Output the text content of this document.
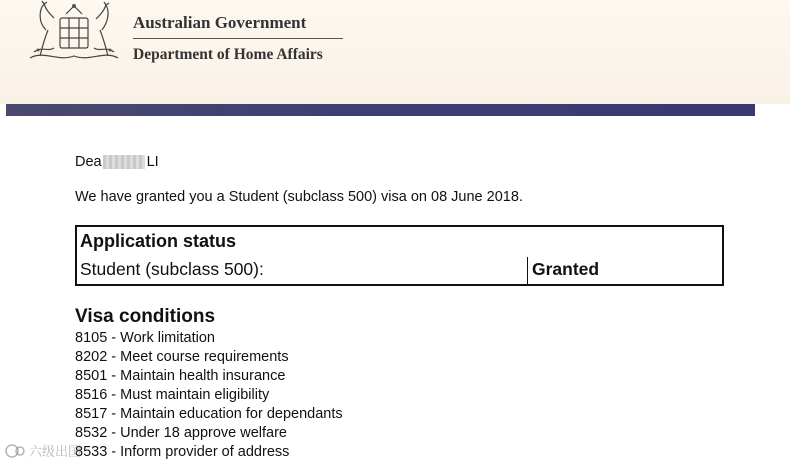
Australian Government
Department of Home Affairs
Dea	LI
We have granted you a Student (subclass 500) visa on 08 June 2018.
Application status
Student (subclass 500):	Granted
Visa conditions
8105 - Work limitation
8202 - Meet course requirements
8501 - Maintain health insurance
8516 - Must maintain eligibility
8517 - Maintain education for dependants
8532 - Under 18 approve welfare
8533 - Inform provider of address
六级出国
